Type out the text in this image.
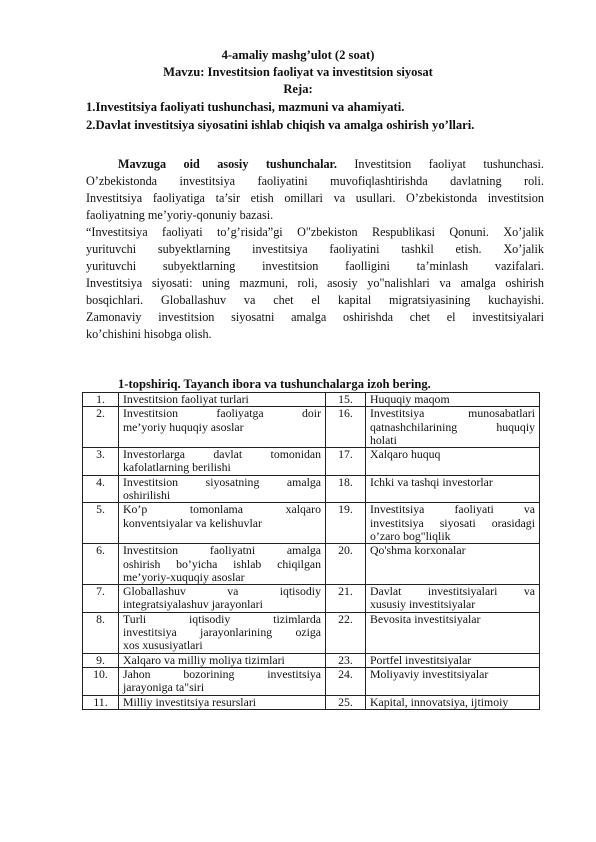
4-amaliy mashg’ulot (2 soat)
Mavzu: Investitsion faoliyat va investitsion siyosat
Reja:
1.Investitsiya faoliyati tushunchasi, mazmuni va ahamiyati.
2.Davlat investitsiya siyosatini ishlab chiqish va amalga oshirish yo’llari.
Mavzuga oid asosiy tushunchalar. Investitsion faoliyat tushunchasi.
O’zbekistonda investitsiya faoliyatini muvofiqlashtirishda davlatning roli.
Investitsiya faoliyatiga ta’sir etish omillari va usullari. O’zbekistonda investitsion
faoliyatning me’yoriy-qonuniy bazasi.
“Investitsiya faoliyati to’g’risida”gi O"zbekiston Respublikasi Qonuni. Xo’jalik
yurituvchi subyektlarning investitsiya faoliyatini tashkil etish. Xo’jalik
yurituvchi subyektlarning investitsion faolligini ta’minlash vazifalari.
Investitsiya siyosati: uning mazmuni, roli, asosiy yo"nalishlari va amalga oshirish
bosqichlari. Globallashuv va chet el kapital migratsiyasining kuchayishi.
Zamonaviy investitsion siyosatni amalga oshirishda chet el investitsiyalari
ko’chishini hisobga olish.
1-topshiriq. Tayanch ibora va tushunchalarga izoh bering.
1.	Investitsion faoliyat turlari	15.	Huquqiy maqom

2.	Investitsion faoliyatga doir
me’yoriy huquqiy asoslar	16.	Investitsiya munosabatlari
qatnashchilarining huquqiy
holati

3.	Investorlarga davlat tomonidan
kafolatlarning berilishi	17.	Xalqaro huquq

4.	Investitsion siyosatning amalga
oshirilishi	18.	Ichki va tashqi investorlar

5.	Ko’p tomonlama xalqaro
konventsiyalar va kelishuvlar	19.	Investitsiya faoliyati va
investitsiya siyosati orasidagi
o’zaro bog"liqlik

6.	Investitsion faoliyatni amalga
oshirish bo’yicha ishlab chiqilgan
me’yoriy-xuquqiy asoslar	20.	Qo'shma korxonalar

7.	Globallashuv va iqtisodiy
integratsiyalashuv jarayonlari	21.	Davlat investitsiyalari va
xususiy investitsiyalar

8.	Turli iqtisodiy tizimlarda
investitsiya jarayonlarining oziga
xos xususiyatlari	22.	Bevosita investitsiyalar

9.	Xalqaro va milliy moliya tizimlari	23.	Portfel investitsiyalar

10.	Jahon bozorining investitsiya
jarayoniga ta"siri	24.	Moliyaviy investitsiyalar

11.	Milliy investitsiya resurslari	25.	Kapital, innovatsiya, ijtimoiy
